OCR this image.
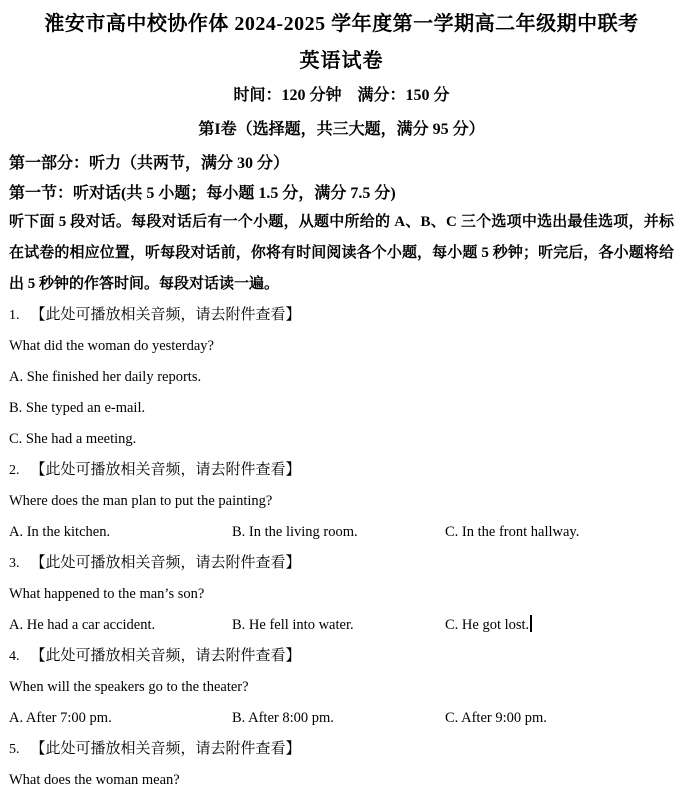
淮安市高中校协作体 2024-2025 学年度第一学期高二年级期中联考
英语试卷
时间：120 分钟　满分：150 分
第I卷（选择题，共三大题，满分 95 分）
第一部分：听力（共两节，满分 30 分）
第一节：听对话(共 5 小题；每小题 1.5 分，满分 7.5 分)
听下面 5 段对话。每段对话后有一个小题，从题中所给的 A、B、C 三个选项中选出最佳选项，并标在试卷的相应位置，听每段对话前，你将有时间阅读各个小题，每小题 5 秒钟；听完后，各小题将给出 5 秒钟的作答时间。每段对话读一遍。
1. 【此处可播放相关音频，请去附件查看】
What did the woman do yesterday?
A. She finished her daily reports.
B. She typed an e-mail.
C. She had a meeting.
2. 【此处可播放相关音频，请去附件查看】
Where does the man plan to put the painting?
A. In the kitchen.	B. In the living room.	C. In the front hallway.
3. 【此处可播放相关音频，请去附件查看】
What happened to the man’s son?
A. He had a car accident.	B. He fell into water.	C. He got lost.
4. 【此处可播放相关音频，请去附件查看】
When will the speakers go to the theater?
A. After 7:00 pm.	B. After 8:00 pm.	C. After 9:00 pm.
5. 【此处可播放相关音频，请去附件查看】
What does the woman mean?
